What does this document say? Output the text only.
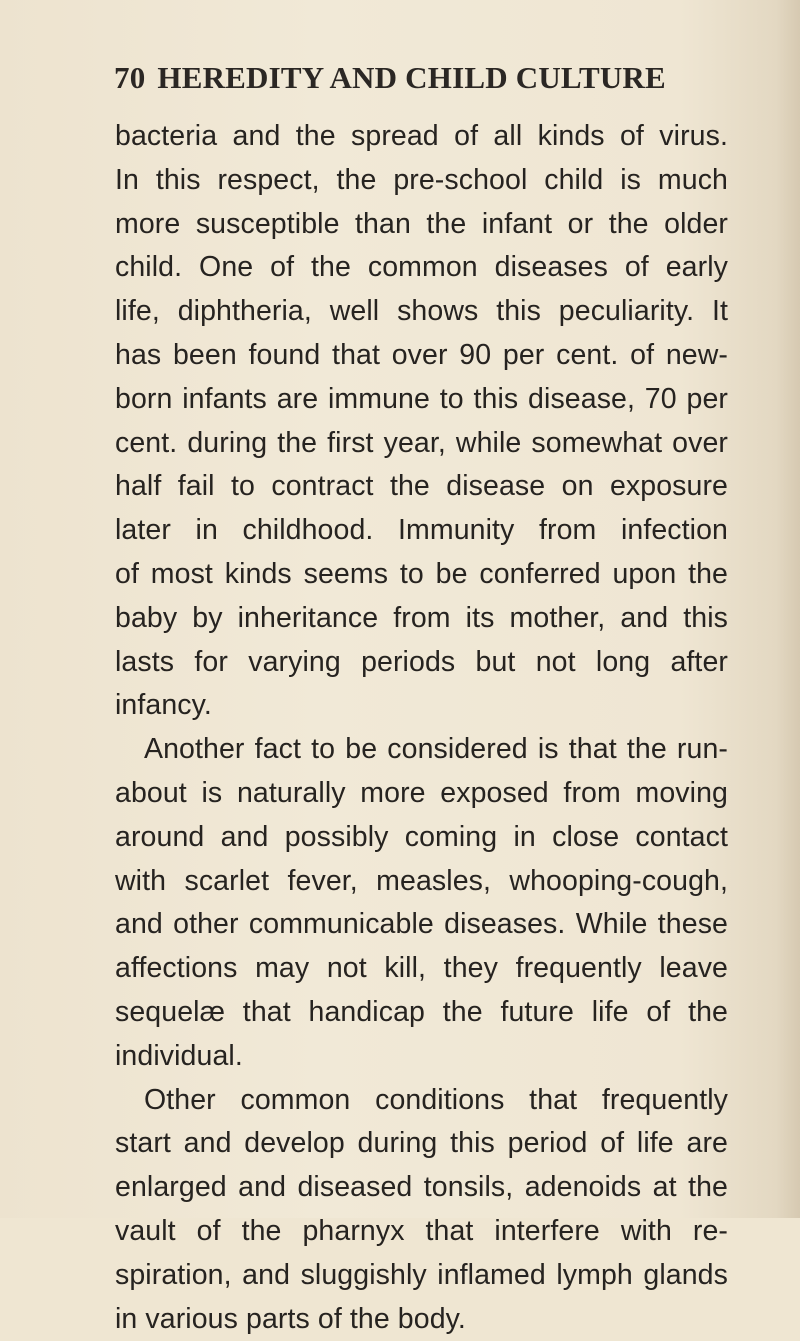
70 HEREDITY AND CHILD CULTURE

bacteria and the spread of all kinds of virus.
In this respect, the pre-school child is much
more susceptible than the infant or the older
child. One of the common diseases of early
life, diphtheria, well shows this peculiarity. It
has been found that over 90 per cent. of new-
born infants are immune to this disease, 70 per
cent. during the first year, while somewhat over
half fail to contract the disease on exposure
later in childhood. Immunity from infection
of most kinds seems to be conferred upon the
baby by inheritance from its mother, and this
lasts for varying periods but not long after
infancy.

Another fact to be considered is that the run-
about is naturally more exposed from moving
around and possibly coming in close contact
with scarlet fever, measles, whooping-cough,
and other communicable diseases. While these
affections may not kill, they frequently leave
sequelæ that handicap the future life of the
individual.

Other common conditions that frequently
start and develop during this period of life are
enlarged and diseased tonsils, adenoids at the
vault of the pharnyx that interfere with re-
spiration, and sluggishly inflamed lymph glands
in various parts of the body.
